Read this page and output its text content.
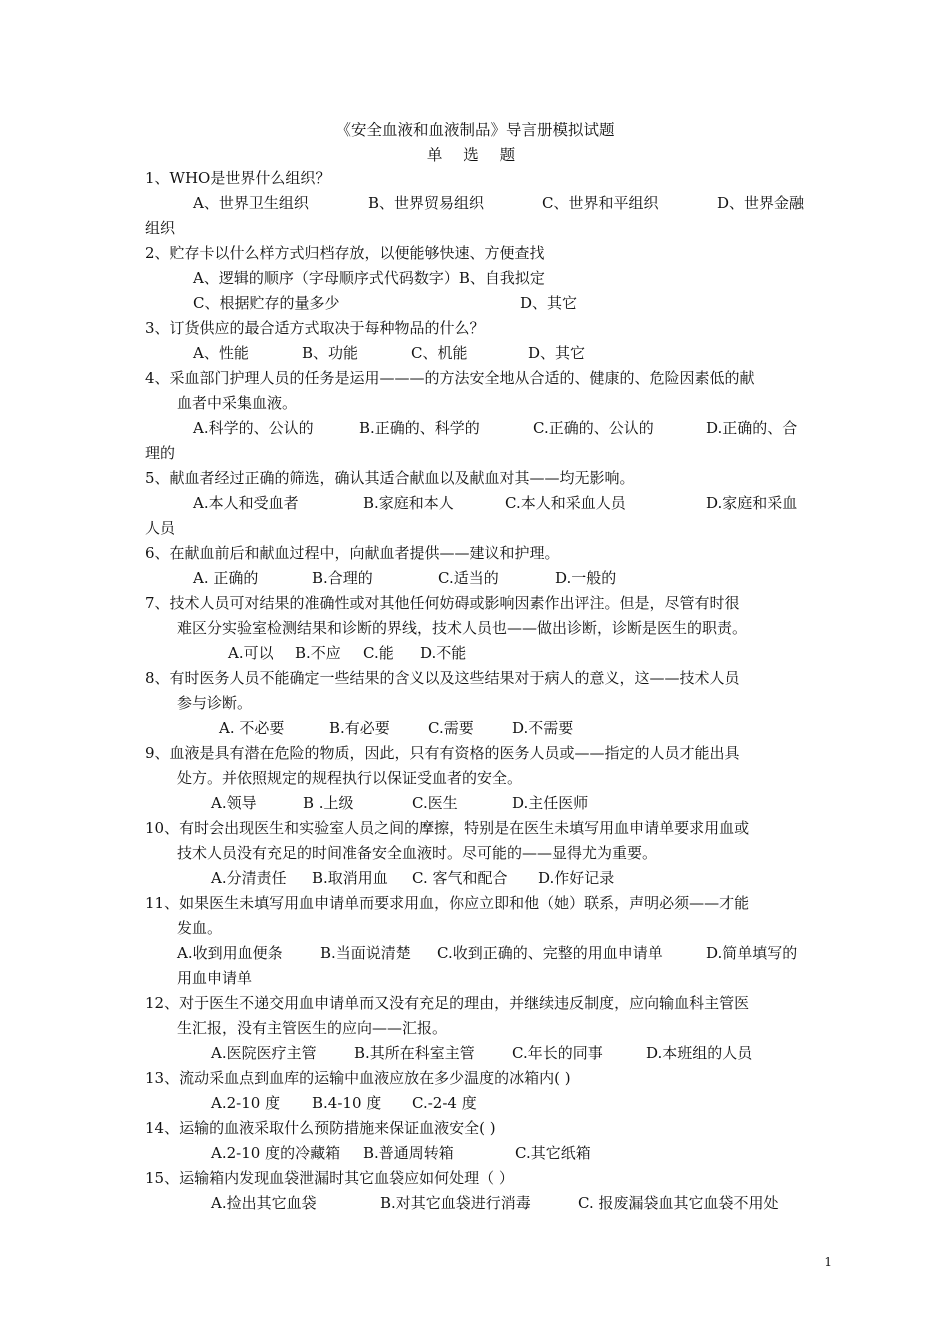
《安全血液和血液制品》导言册模拟试题
单 选 题
1、WHO是世界什么组织？
A、世界卫生组织	B、世界贸易组织	C、世界和平组织	D、世界金融
组织
2、贮存卡以什么样方式归档存放，以便能够快速、方便查找
A、逻辑的顺序（字母顺序式代码数字）B、自我拟定
C、根据贮存的量多少	D、其它
3、订货供应的最合适方式取决于每种物品的什么？
A、性能	B、功能	C、机能	D、其它
4、采血部门护理人员的任务是运用———的方法安全地从合适的、健康的、危险因素低的献
血者中采集血液。
A.科学的、公认的	B.正确的、科学的	C.正确的、公认的	D.正确的、合
理的
5、献血者经过正确的筛选，确认其适合献血以及献血对其——均无影响。
A.本人和受血者	B.家庭和本人	C.本人和采血人员	D.家庭和采血
人员
6、在献血前后和献血过程中，向献血者提供——建议和护理。
A. 正确的	B.合理的	C.适当的	D.一般的
7、技术人员可对结果的准确性或对其他任何妨碍或影响因素作出评注。但是，尽管有时很
难区分实验室检测结果和诊断的界线，技术人员也——做出诊断，诊断是医生的职责。
A.可以 B.不应 C.能 D.不能
8、有时医务人员不能确定一些结果的含义以及这些结果对于病人的意义，这——技术人员
参与诊断。
A. 不必要	B.有必要	C.需要	D.不需要
9、血液是具有潜在危险的物质，因此，只有有资格的医务人员或——指定的人员才能出具
处方。并依照规定的规程执行以保证受血者的安全。
A.领导	B .上级	C.医生	D.主任医师
10、有时会出现医生和实验室人员之间的摩擦，特别是在医生未填写用血申请单要求用血或
技术人员没有充足的时间准备安全血液时。尽可能的——显得尤为重要。
A.分清责任 B.取消用血 C. 客气和配合 D.作好记录
11、如果医生未填写用血申请单而要求用血，你应立即和他（她）联系，声明必须——才能
发血。
A.收到用血便条 B.当面说清楚 C.收到正确的、完整的用血申请单	D.简单填写的
用血申请单
12、对于医生不递交用血申请单而又没有充足的理由，并继续违反制度，应向输血科主管医
生汇报，没有主管医生的应向——汇报。
A.医院医疗主管 B.其所在科室主管 C.年长的同事	D.本班组的人员
13、流动采血点到血库的运输中血液应放在多少温度的冰箱内( )
A.2-10 度 B.4-10 度 C.-2-4 度
14、运输的血液采取什么预防措施来保证血液安全( )
A.2-10 度的冷藏箱 B.普通周转箱	C.其它纸箱
15、运输箱内发现血袋泄漏时其它血袋应如何处理（ ）
A.捡出其它血袋	B.对其它血袋进行消毒	C. 报废漏袋血其它血袋不用处
1
